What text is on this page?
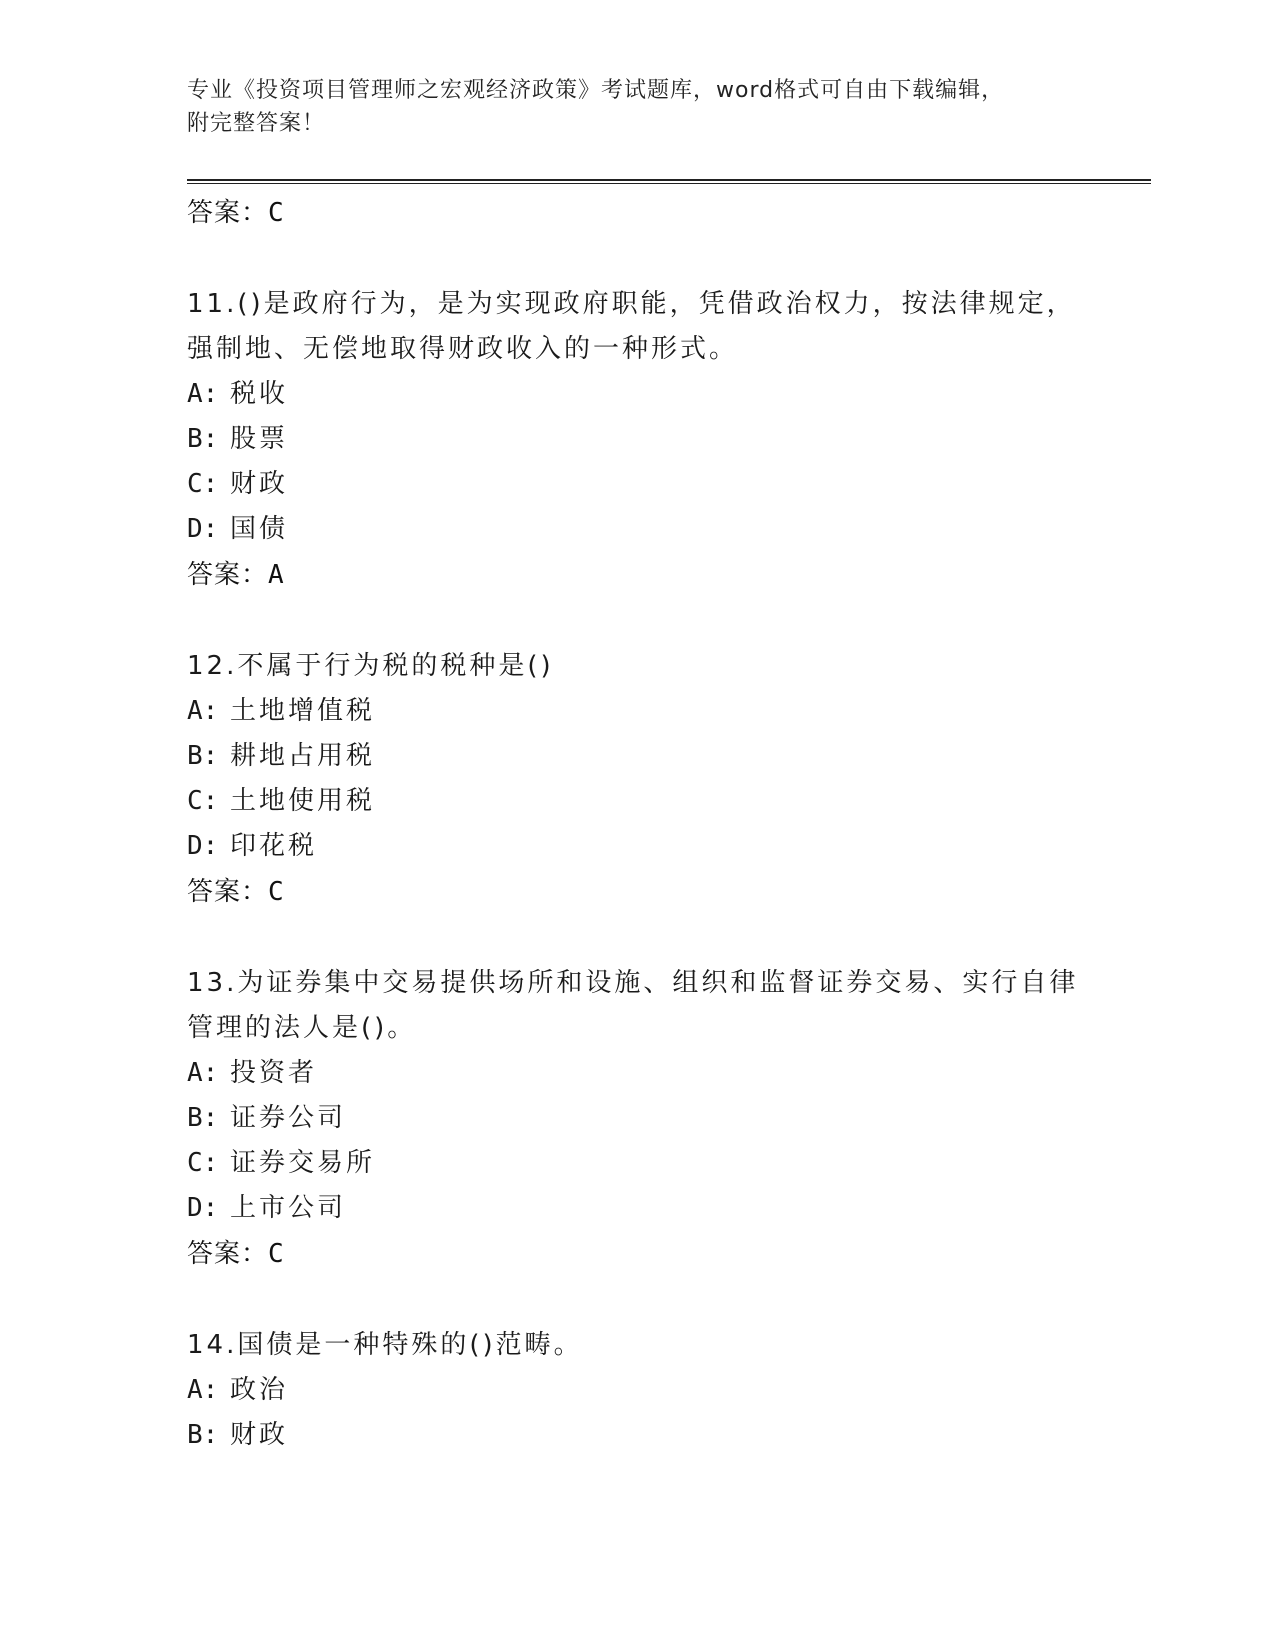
专业《投资项目管理师之宏观经济政策》考试题库，word格式可自由下载编辑，
附完整答案！
答案：C
11.()是政府行为，是为实现政府职能，凭借政治权力，按法律规定，
强制地、无偿地取得财政收入的一种形式。
A: 税收
B: 股票
C: 财政
D: 国债
答案：A
12.不属于行为税的税种是()
A: 土地增值税
B: 耕地占用税
C: 土地使用税
D: 印花税
答案：C
13.为证券集中交易提供场所和设施、组织和监督证券交易、实行自律
管理的法人是()。
A: 投资者
B: 证券公司
C: 证券交易所
D: 上市公司
答案：C
14.国债是一种特殊的()范畴。
A: 政治
B: 财政
